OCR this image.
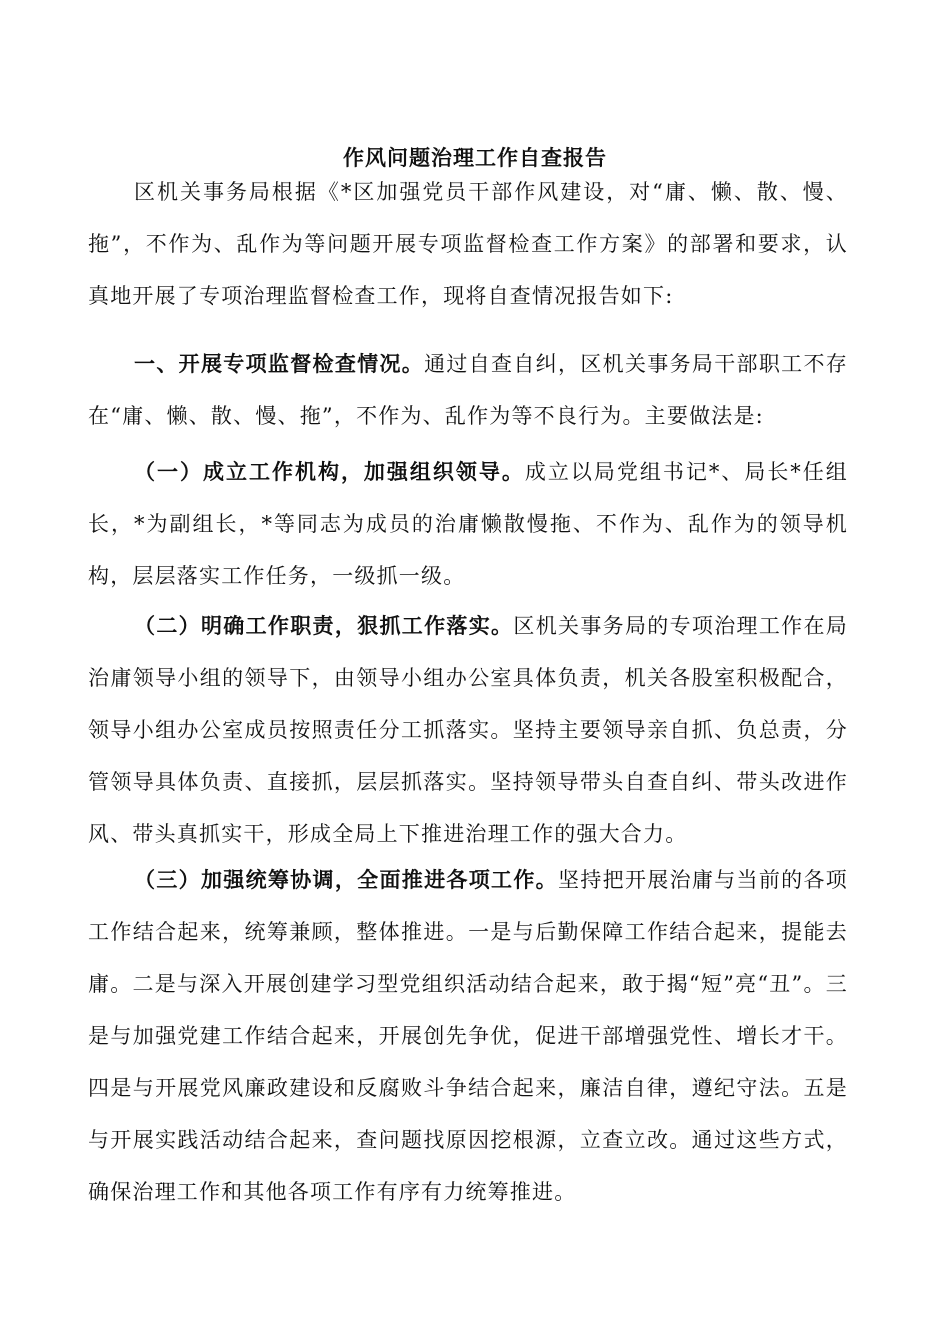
作风问题治理工作自查报告

区机关事务局根据《*区加强党员干部作风建设，对“庸、懒、散、慢、拖”，不作为、乱作为等问题开展专项监督检查工作方案》的部署和要求，认真地开展了专项治理监督检查工作，现将自查情况报告如下:

一、开展专项监督检查情况。通过自查自纠，区机关事务局干部职工不存在“庸、懒、散、慢、拖”，不作为、乱作为等不良行为。主要做法是:

（一）成立工作机构，加强组织领导。成立以局党组书记*、局长*任组长，*为副组长，*等同志为成员的治庸懒散慢拖、不作为、乱作为的领导机构，层层落实工作任务，一级抓一级。

（二）明确工作职责，狠抓工作落实。区机关事务局的专项治理工作在局治庸领导小组的领导下，由领导小组办公室具体负责，机关各股室积极配合，领导小组办公室成员按照责任分工抓落实。坚持主要领导亲自抓、负总责，分管领导具体负责、直接抓，层层抓落实。坚持领导带头自查自纠、带头改进作风、带头真抓实干，形成全局上下推进治理工作的强大合力。

（三）加强统筹协调，全面推进各项工作。坚持把开展治庸与当前的各项工作结合起来，统筹兼顾，整体推进。一是与后勤保障工作结合起来，提能去庸。二是与深入开展创建学习型党组织活动结合起来，敢于揭“短”亮“丑”。三是与加强党建工作结合起来，开展创先争优，促进干部增强党性、增长才干。四是与开展党风廉政建设和反腐败斗争结合起来，廉洁自律，遵纪守法。五是与开展实践活动结合起来，查问题找原因挖根源，立查立改。通过这些方式，确保治理工作和其他各项工作有序有力统筹推进。
